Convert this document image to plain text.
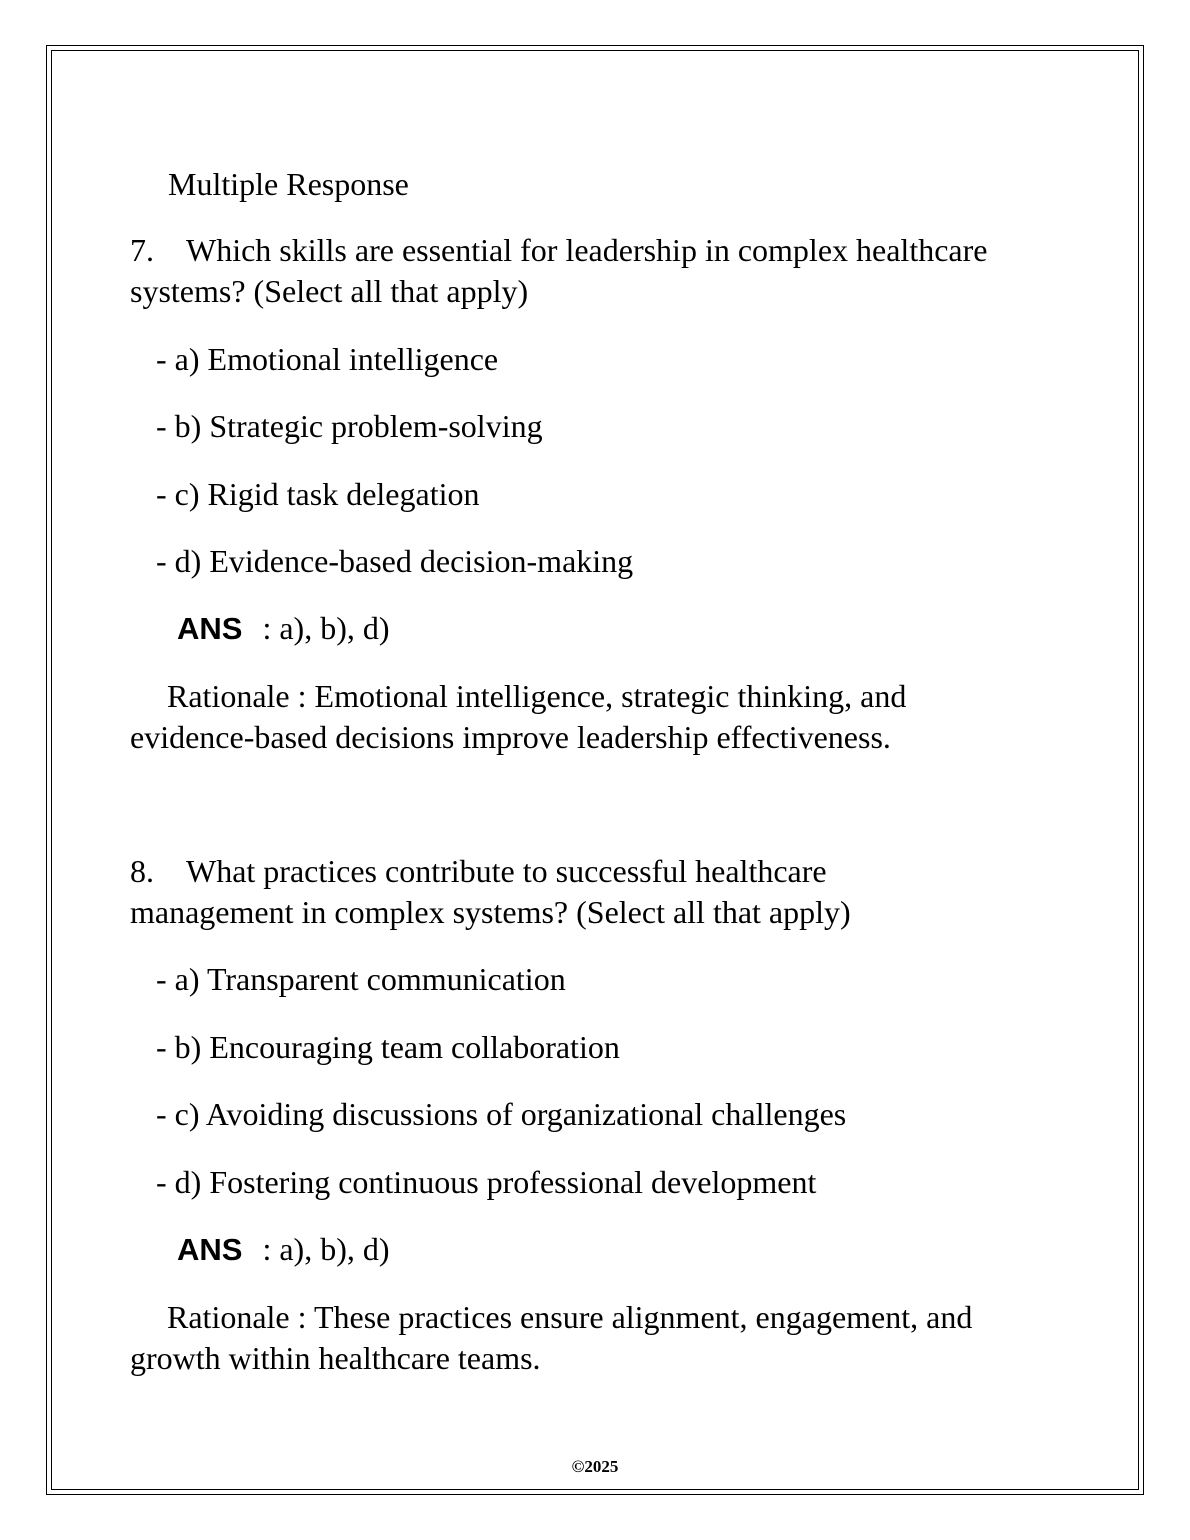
Multiple Response
7. Which skills are essential for leadership in complex healthcare
systems? (Select all that apply)
- a) Emotional intelligence
- b) Strategic problem-solving
- c) Rigid task delegation
- d) Evidence-based decision-making
ANS : a), b), d)
Rationale : Emotional intelligence, strategic thinking, and
evidence-based decisions improve leadership effectiveness.
8. What practices contribute to successful healthcare
management in complex systems? (Select all that apply)
- a) Transparent communication
- b) Encouraging team collaboration
- c) Avoiding discussions of organizational challenges
- d) Fostering continuous professional development
ANS : a), b), d)
Rationale : These practices ensure alignment, engagement, and
growth within healthcare teams.
©2025
